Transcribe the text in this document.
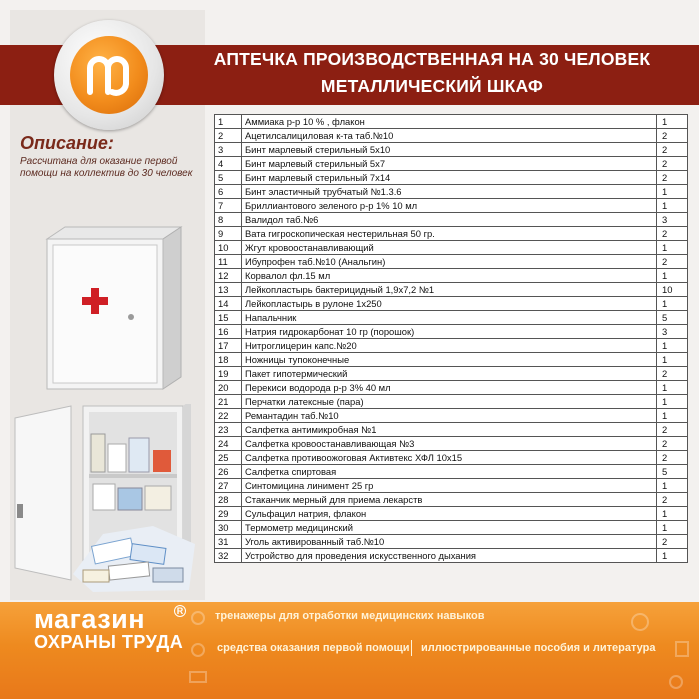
АПТЕЧКА ПРОИЗВОДСТВЕННАЯ НА 30 ЧЕЛОВЕК
МЕТАЛЛИЧЕСКИЙ ШКАФ
Описание:
Рассчитана для оказание первой помощи на коллектив до 30 человек
1	Аммиака р-р 10 % , флакон	1
2	Ацетилсалициловая к-та таб.№10	2
3	Бинт марлевый стерильный 5х10	2
4	Бинт марлевый стерильный 5х7	2
5	Бинт марлевый стерильный 7х14	2
6	Бинт эластичный трубчатый №1.3.6	1
7	Бриллиантового зеленого р-р 1% 10 мл	1
8	Валидол таб.№6	3
9	Вата гигроскопическая нестерильная 50 гр.	2
10	Жгут кровоостанавливающий	1
11	Ибупрофен таб.№10 (Анальгин)	2
12	Корвалол фл.15 мл	1
13	Лейкопластырь бактерицидный 1,9х7,2 №1	10
14	Лейкопластырь в рулоне 1х250	1
15	Напальчник	5
16	Натрия гидрокарбонат 10 гр (порошок)	3
17	Нитроглицерин капс.№20	1
18	Ножницы тупоконечные	1
19	Пакет гипотермический	2
20	Перекиси водорода р-р 3% 40 мл	1
21	Перчатки латексные (пара)	1
22	Ремантадин таб.№10	1
23	Салфетка антимикробная №1	2
24	Салфетка кровоостанавливающая №3	2
25	Салфетка противоожоговая Активтекс ХФЛ 10х15	2
26	Салфетка спиртовая	5
27	Синтомицина линимент 25 гр	1
28	Стаканчик мерный для приема лекарств	2
29	Сульфацил натрия, флакон	1
30	Термометр медицинский	1
31	Уголь активированный таб.№10	2
32	Устройство для проведения искусственного дыхания	1
магазин	R
ОХРАНЫ ТРУДА
тренажеры для отработки медицинских навыков
средства оказания первой помощи иллюстрированные пособия и литература
